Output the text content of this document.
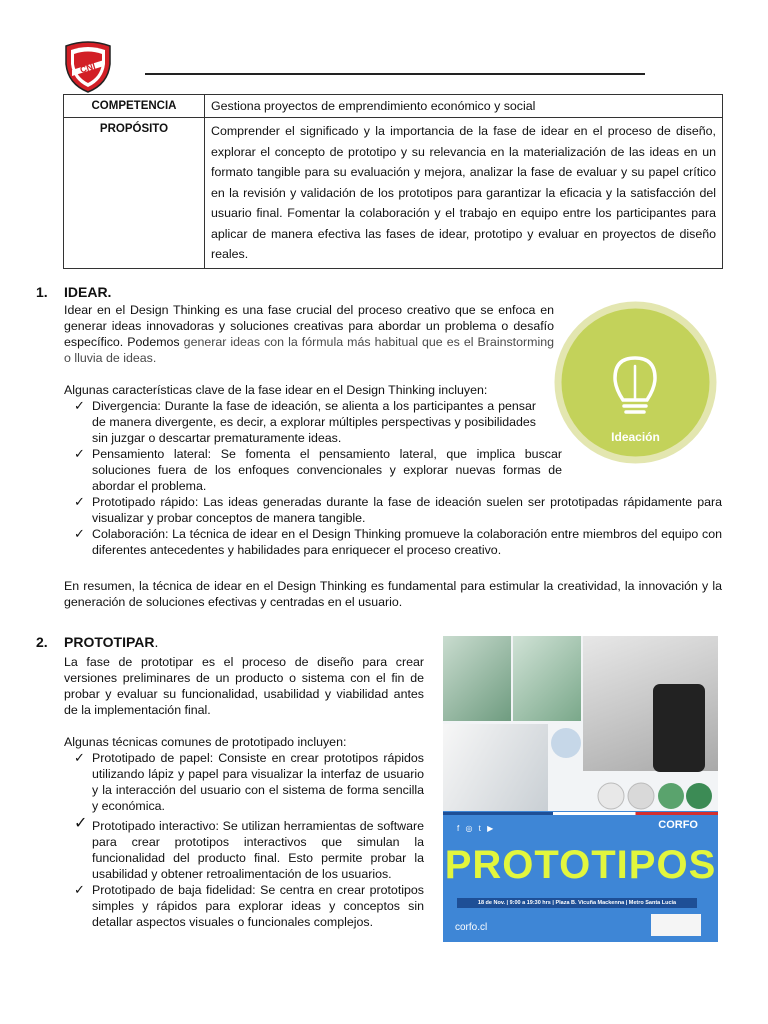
CNI
COMPETENCIA	Gestiona proyectos de emprendimiento económico y social
PROPÓSITO	Comprender el significado y la importancia de la fase de idear en el proceso de diseño, explorar el concepto de prototipo y su relevancia en la materialización de las ideas en un formato tangible para su evaluación y mejora, analizar la fase de evaluar y su papel crítico en la revisión y validación de los prototipos para garantizar la eficacia y la satisfacción del usuario final. Fomentar la colaboración y el trabajo en equipo entre los participantes para aplicar de manera efectiva las fases de idear, prototipo y evaluar en proyectos de diseño reales.
1. IDEAR.
Idear en el Design Thinking es una fase crucial del proceso creativo que se enfoca en generar ideas innovadoras y soluciones creativas para abordar un problema o desafío específico. Podemos generar ideas con la fórmula más habitual que es el Brainstorming o lluvia de ideas.
Algunas características clave de la fase idear en el Design Thinking incluyen:
✓ Divergencia: Durante la fase de ideación, se alienta a los participantes a pensar de manera divergente, es decir, a explorar múltiples perspectivas y posibilidades sin juzgar o descartar prematuramente ideas.
✓ Pensamiento lateral: Se fomenta el pensamiento lateral, que implica buscar soluciones fuera de los enfoques convencionales y explorar nuevas formas de abordar el problema.
✓ Prototipado rápido: Las ideas generadas durante la fase de ideación suelen ser prototipadas rápidamente para visualizar y probar conceptos de manera tangible.
✓ Colaboración: La técnica de idear en el Design Thinking promueve la colaboración entre miembros del equipo con diferentes antecedentes y habilidades para enriquecer el proceso creativo.
En resumen, la técnica de idear en el Design Thinking es fundamental para estimular la creatividad, la innovación y la generación de soluciones efectivas y centradas en el usuario.
Ideación
2. PROTOTIPAR.
La fase de prototipar es el proceso de diseño para crear versiones preliminares de un producto o sistema con el fin de probar y evaluar su funcionalidad, usabilidad y viabilidad antes de la implementación final.
Algunas técnicas comunes de prototipado incluyen:
✓ Prototipado de papel: Consiste en crear prototipos rápidos utilizando lápiz y papel para visualizar la interfaz de usuario y la interacción del usuario con el sistema de forma sencilla y económica.
✓ Prototipado interactivo: Se utilizan herramientas de software para crear prototipos interactivos que simulan la funcionalidad del producto final. Esto permite probar la usabilidad y obtener retroalimentación de los usuarios.
✓ Prototipado de baja fidelidad: Se centra en crear prototipos simples y rápidos para explorar ideas y conceptos sin detallar aspectos visuales o funcionales complejos.
f ◎ t ▶	CORFO
PROTOTIPOS
18 de Nov. | 9:00 a 19:30 hrs | Plaza B. Vicuña Mackenna | Metro Santa Lucía
corfo.cl
